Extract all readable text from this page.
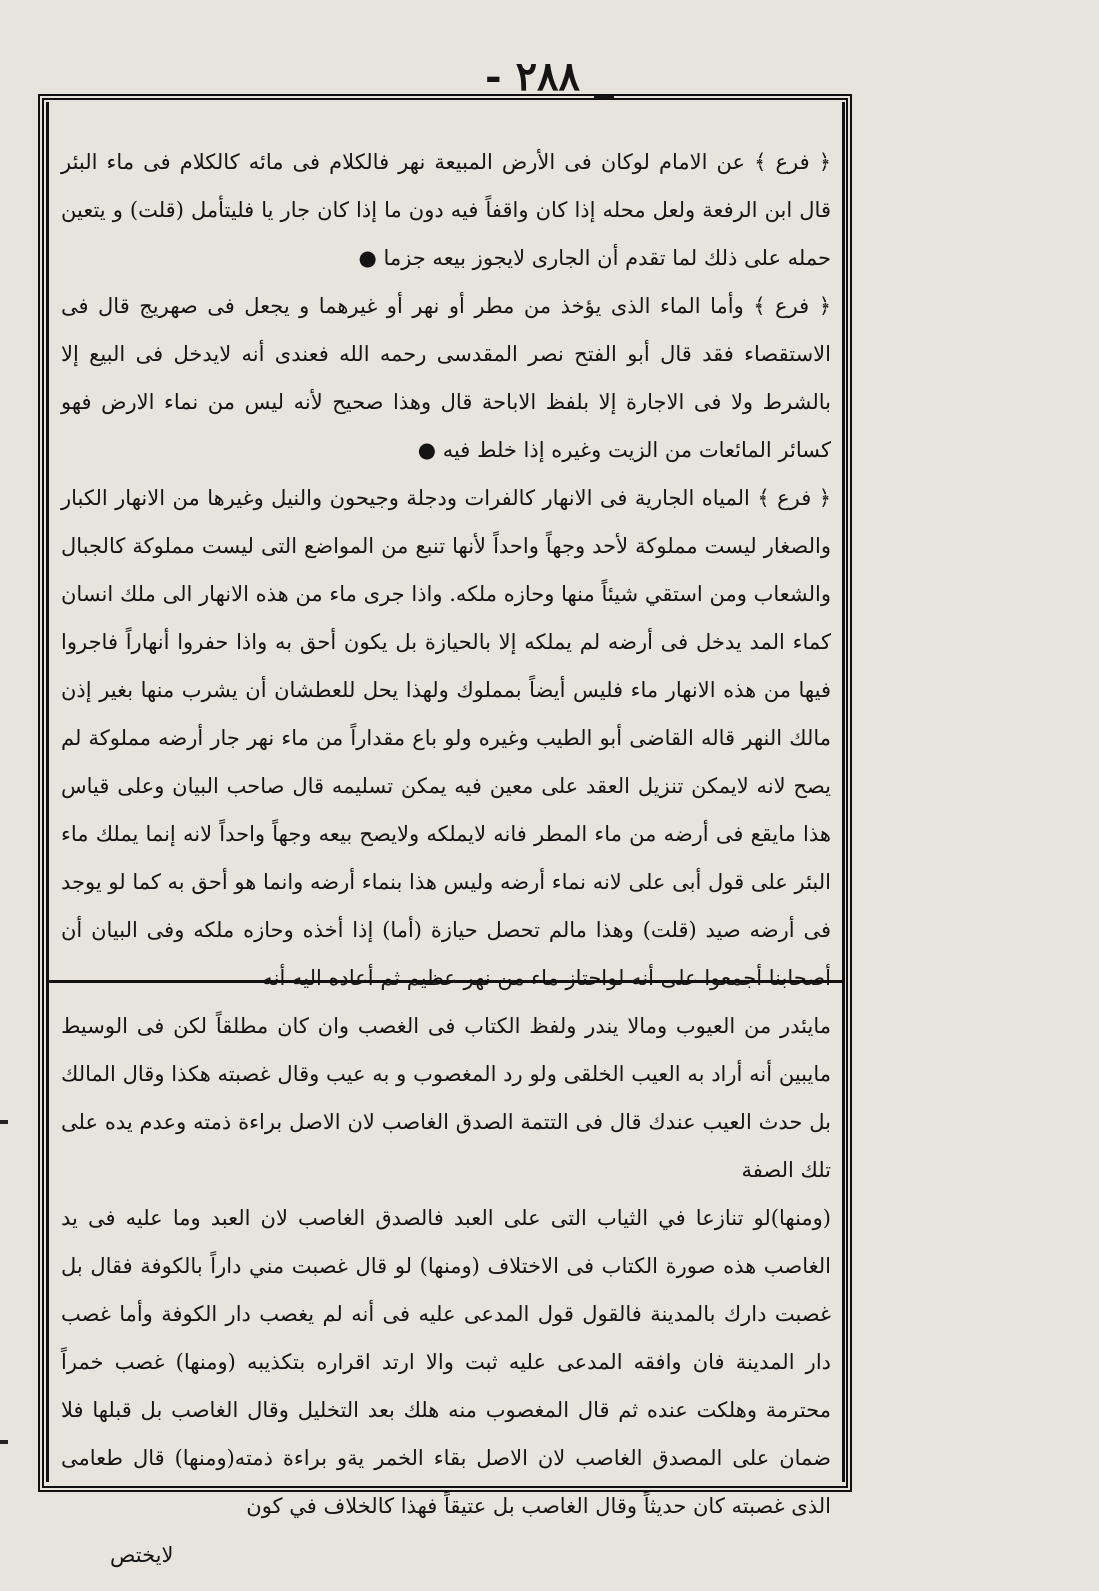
- ٢٨٨ _

﴿ فرع ﴾ عن الامام لوكان فى الأرض المبيعة نهر فالكلام فى مائه كالكلام فى ماء البئر قال ابن الرفعة ولعل محله إذا كان واقفاً فيه دون ما إذا كان جار يا فليتأمل (قلت) و يتعين حمله على ذلك لما تقدم أن الجارى لايجوز بيعه جزما ●

﴿ فرع ﴾ وأما الماء الذى يؤخذ من مطر أو نهر أو غيرهما و يجعل فى صهريج قال فى الاستقصاء فقد قال أبو الفتح نصر المقدسى رحمه الله فعندى أنه لايدخل فى البيع إلا بالشرط ولا فى الاجارة إلا بلفظ الاباحة قال وهذا صحيح لأنه ليس من نماء الارض فهو كسائر المائعات من الزيت وغيره إذا خلط فيه ●

﴿ فرع ﴾ المياه الجارية فى الانهار كالفرات ودجلة وجيحون والنيل وغيرها من الانهار الكبار والصغار ليست مملوكة لأحد وجهاً واحداً لأنها تنبع من المواضع التى ليست مملوكة كالجبال والشعاب ومن استقي شيئاً منها وحازه ملكه. واذا جرى ماء من هذه الانهار الى ملك انسان كماء المد يدخل فى أرضه لم يملكه إلا بالحيازة بل يكون أحق به واذا حفروا أنهاراً فاجروا فيها من هذه الانهار ماء فليس أيضاً بمملوك ولهذا يحل للعطشان أن يشرب منها بغير إذن مالك النهر قاله القاضى أبو الطيب وغيره ولو باع مقداراً من ماء نهر جار أرضه مملوكة لم يصح لانه لايمكن تنزيل العقد على معين فيه يمكن تسليمه قال صاحب البيان وعلى قياس هذا مايقع فى أرضه من ماء المطر فانه لايملكه ولايصح بيعه وجهاً واحداً لانه إنما يملك ماء البئر على قول أبى على لانه نماء أرضه وليس هذا بنماء أرضه وانما هو أحق به كما لو يوجد فى أرضه صيد (قلت) وهذا مالم تحصل حيازة (أما) إذا أخذه وحازه ملكه وفى البيان أن أصحابنا أجمعوا على أنه لواحتاز ماء من نهر عظيم ثم أعاده اليه أنه

مايئدر من العيوب ومالا يندر ولفظ الكتاب فى الغصب وان كان مطلقاً لكن فى الوسيط مايبين أنه أراد به العيب الخلقى ولو رد المغصوب و به عيب وقال غصبته هكذا وقال المالك بل حدث العيب عندك قال فى التتمة الصدق الغاصب لان الاصل براءة ذمته وعدم يده على تلك الصفة

(ومنها)لو تنازعا في الثياب التى على العبد فالصدق الغاصب لان العبد وما عليه فى يد الغاصب هذه صورة الكتاب فى الاختلاف (ومنها) لو قال غصبت مني داراً بالكوفة فقال بل غصبت دارك بالمدينة فالقول قول المدعى عليه فى أنه لم يغصب دار الكوفة وأما غصب دار المدينة فان وافقه المدعى عليه ثبت والا ارتد اقراره بتكذيبه (ومنها) غصب خمراً محترمة وهلكت عنده ثم قال المغصوب منه هلك بعد التخليل وقال الغاصب بل قبلها فلا ضمان على المصدق الغاصب لان الاصل بقاء الخمر يةو براءة ذمته(ومنها) قال طعامى الذى غصبته كان حديثاً وقال الغاصب بل عتيقاً فهذا كالخلاف في كون

لايختص
